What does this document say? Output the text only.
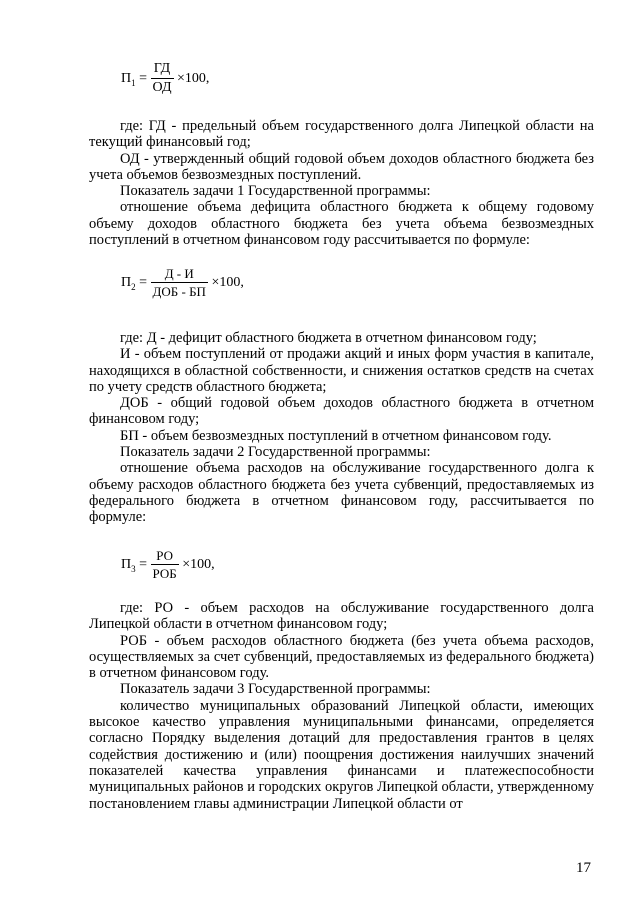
$П_1 = \frac{ГД}{ОД} \times 100$,

где: ГД - предельный объем государственного долга Липецкой области на текущий финансовый год;

ОД - утвержденный общий годовой объем доходов областного бюджета без учета объемов безвозмездных поступлений.

Показатель задачи 1 Государственной программы:

отношение объема дефицита областного бюджета к общему годовому объему доходов областного бюджета без учета объема безвозмездных поступлений в отчетном финансовом году рассчитывается по формуле:

$П_2 = \frac{Д - И}{\text{ДОБ - БП}} \times 100$,

где: Д - дефицит областного бюджета в отчетном финансовом году;

И - объем поступлений от продажи акций и иных форм участия в капитале, находящихся в областной собственности, и снижения остатков средств на счетах по учету средств областного бюджета;

ДОБ - общий годовой объем доходов областного бюджета в отчетном финансовом году;

БП - объем безвозмездных поступлений в отчетном финансовом году.

Показатель задачи 2 Государственной программы:

отношение объема расходов на обслуживание государственного долга к объему расходов областного бюджета без учета субвенций, предоставляемых из федерального бюджета в отчетном финансовом году, рассчитывается по формуле:

$П_3 = \frac{РО}{\text{РОБ}} \times 100$,

где: РО - объем расходов на обслуживание государственного долга Липецкой области в отчетном финансовом году;

РОБ - объем расходов областного бюджета (без учета объема расходов, осуществляемых за счет субвенций, предоставляемых из федерального бюджета) в отчетном финансовом году.

Показатель задачи 3 Государственной программы:

количество муниципальных образований Липецкой области, имеющих высокое качество управления муниципальными финансами, определяется согласно Порядку выделения дотаций для предоставления грантов в целях содействия достижению и (или) поощрения достижения наилучших значений показателей качества управления финансами и платежеспособности муниципальных районов и городских округов Липецкой области, утвержденному постановлением главы администрации Липецкой области от

17
